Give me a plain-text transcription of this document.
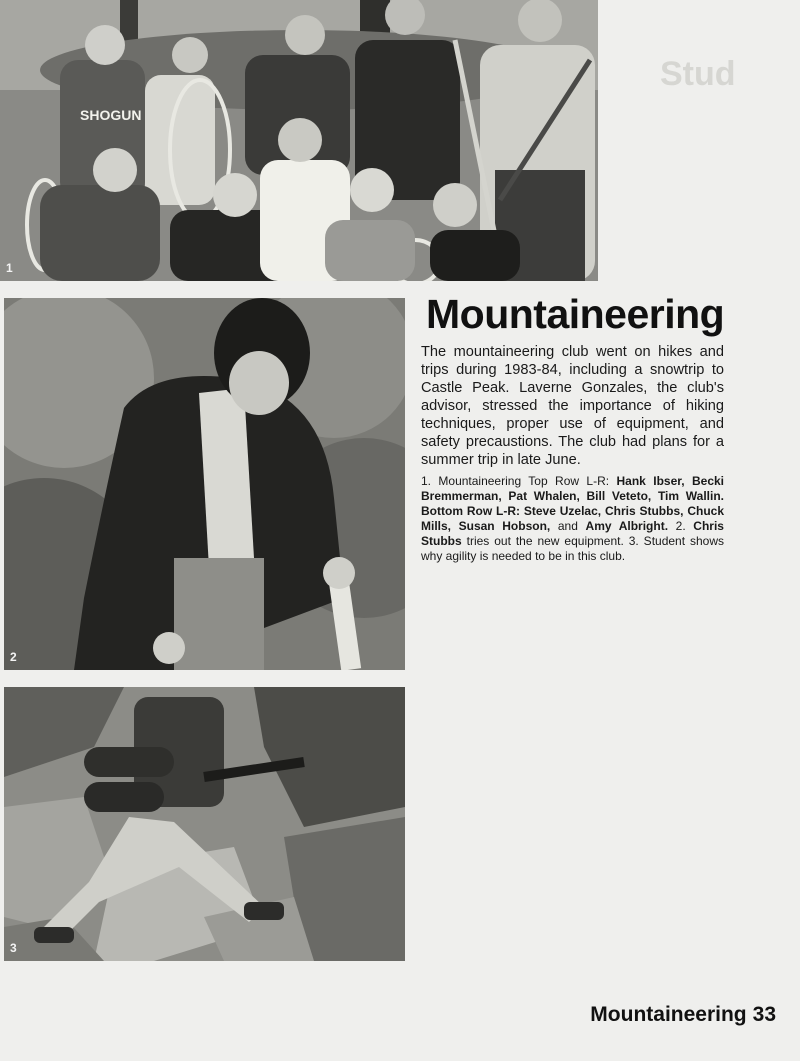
Stud
SHOGUN
1
2
3
Mountaineering

The mountaineering club went on hikes and trips during 1983-84, including a snowtrip to Castle Peak. Laverne Gonzales, the club's advisor, stressed the importance of hiking techniques, proper use of equipment, and safety precaustions. The club had plans for a summer trip in late June.

1. Mountaineering Top Row L-R: Hank Ibser, Becki Bremmerman, Pat Whalen, Bill Veteto, Tim Wallin. Bottom Row L-R: Steve Uzelac, Chris Stubbs, Chuck Mills, Susan Hobson, and Amy Albright. 2. Chris Stubbs tries out the new equipment. 3. Student shows why agility is needed to be in this club.

Mountaineering 33
